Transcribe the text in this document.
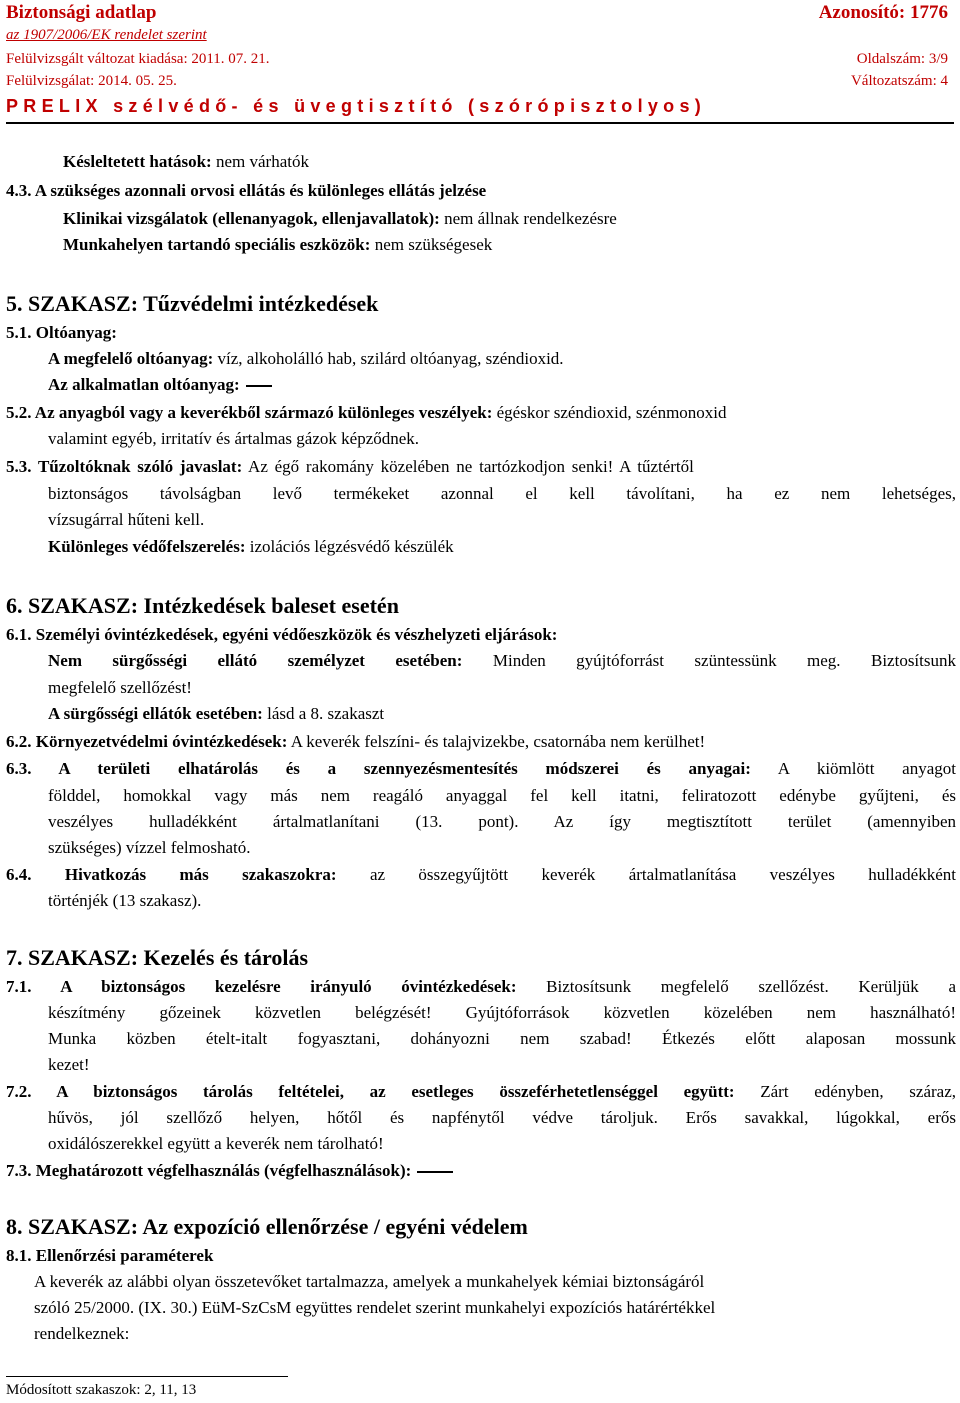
Biztonsági adatlap	Azonosító: 1776
az 1907/2006/EK rendelet szerint
Felülvizsgált változat kiadása: 2011. 07. 21.	Oldalszám: 3/9
Felülvizsgálat: 2014. 05. 25.	Változatszám: 4
PRELIX szélvédő- és üvegtisztító (szórópisztolyos)
Késleltetett hatások: nem várhatók
4.3. A szükséges azonnali orvosi ellátás és különleges ellátás jelzése
Klinikai vizsgálatok (ellenanyagok, ellenjavallatok): nem állnak rendelkezésre
Munkahelyen tartandó speciális eszközök: nem szükségesek
5. SZAKASZ: Tűzvédelmi intézkedések
5.1. Oltóanyag:
A megfelelő oltóanyag: víz, alkoholálló hab, szilárd oltóanyag, széndioxid.
Az alkalmatlan oltóanyag:
5.2. Az anyagból vagy a keverékből származó különleges veszélyek: égéskor széndioxid, szénmonoxid
valamint egyéb, irritatív és ártalmas gázok képződnek.
5.3. Tűzoltóknak szóló javaslat: Az égő rakomány közelében ne tartózkodjon senki! A tűztértől
biztonságos távolságban levő termékeket azonnal el kell távolítani, ha ez nem lehetséges,
vízsugárral hűteni kell.
Különleges védőfelszerelés: izolációs légzésvédő készülék
6. SZAKASZ: Intézkedések baleset esetén
6.1. Személyi óvintézkedések, egyéni védőeszközök és vészhelyzeti eljárások:
Nem sürgősségi ellátó személyzet esetében: Minden gyújtóforrást szüntessünk meg. Biztosítsunk
megfelelő szellőzést!
A sürgősségi ellátók esetében: lásd a 8. szakaszt
6.2. Környezetvédelmi óvintézkedések: A keverék felszíni- és talajvizekbe, csatornába nem kerülhet!
6.3. A területi elhatárolás és a szennyezésmentesítés módszerei és anyagai: A kiömlött anyagot
földdel, homokkal vagy más nem reagáló anyaggal fel kell itatni, feliratozott edénybe gyűjteni, és
veszélyes hulladékként ártalmatlanítani (13. pont). Az így megtisztított terület (amennyiben
szükséges) vízzel felmosható.
6.4. Hivatkozás más szakaszokra: az összegyűjtött keverék ártalmatlanítása veszélyes hulladékként
történjék (13 szakasz).
7. SZAKASZ: Kezelés és tárolás
7.1. A biztonságos kezelésre irányuló óvintézkedések: Biztosítsunk megfelelő szellőzést. Kerüljük a
készítmény gőzeinek közvetlen belégzését! Gyújtóforrások közvetlen közelében nem használható!
Munka közben ételt-italt fogyasztani, dohányozni nem szabad! Étkezés előtt alaposan mossunk
kezet!
7.2. A biztonságos tárolás feltételei, az esetleges összeférhetetlenséggel együtt: Zárt edényben, száraz,
hűvös, jól szellőző helyen, hőtől és napfénytől védve tároljuk. Erős savakkal, lúgokkal, erős
oxidálószerekkel együtt a keverék nem tárolható!
7.3. Meghatározott végfelhasználás (végfelhasználások):
8. SZAKASZ: Az expozíció ellenőrzése / egyéni védelem
8.1. Ellenőrzési paraméterek
A keverék az alábbi olyan összetevőket tartalmazza, amelyek a munkahelyek kémiai biztonságáról
szóló 25/2000. (IX. 30.) EüM-SzCsM együttes rendelet szerint munkahelyi expozíciós határértékkel
rendelkeznek:
Módosított szakaszok: 2, 11, 13
